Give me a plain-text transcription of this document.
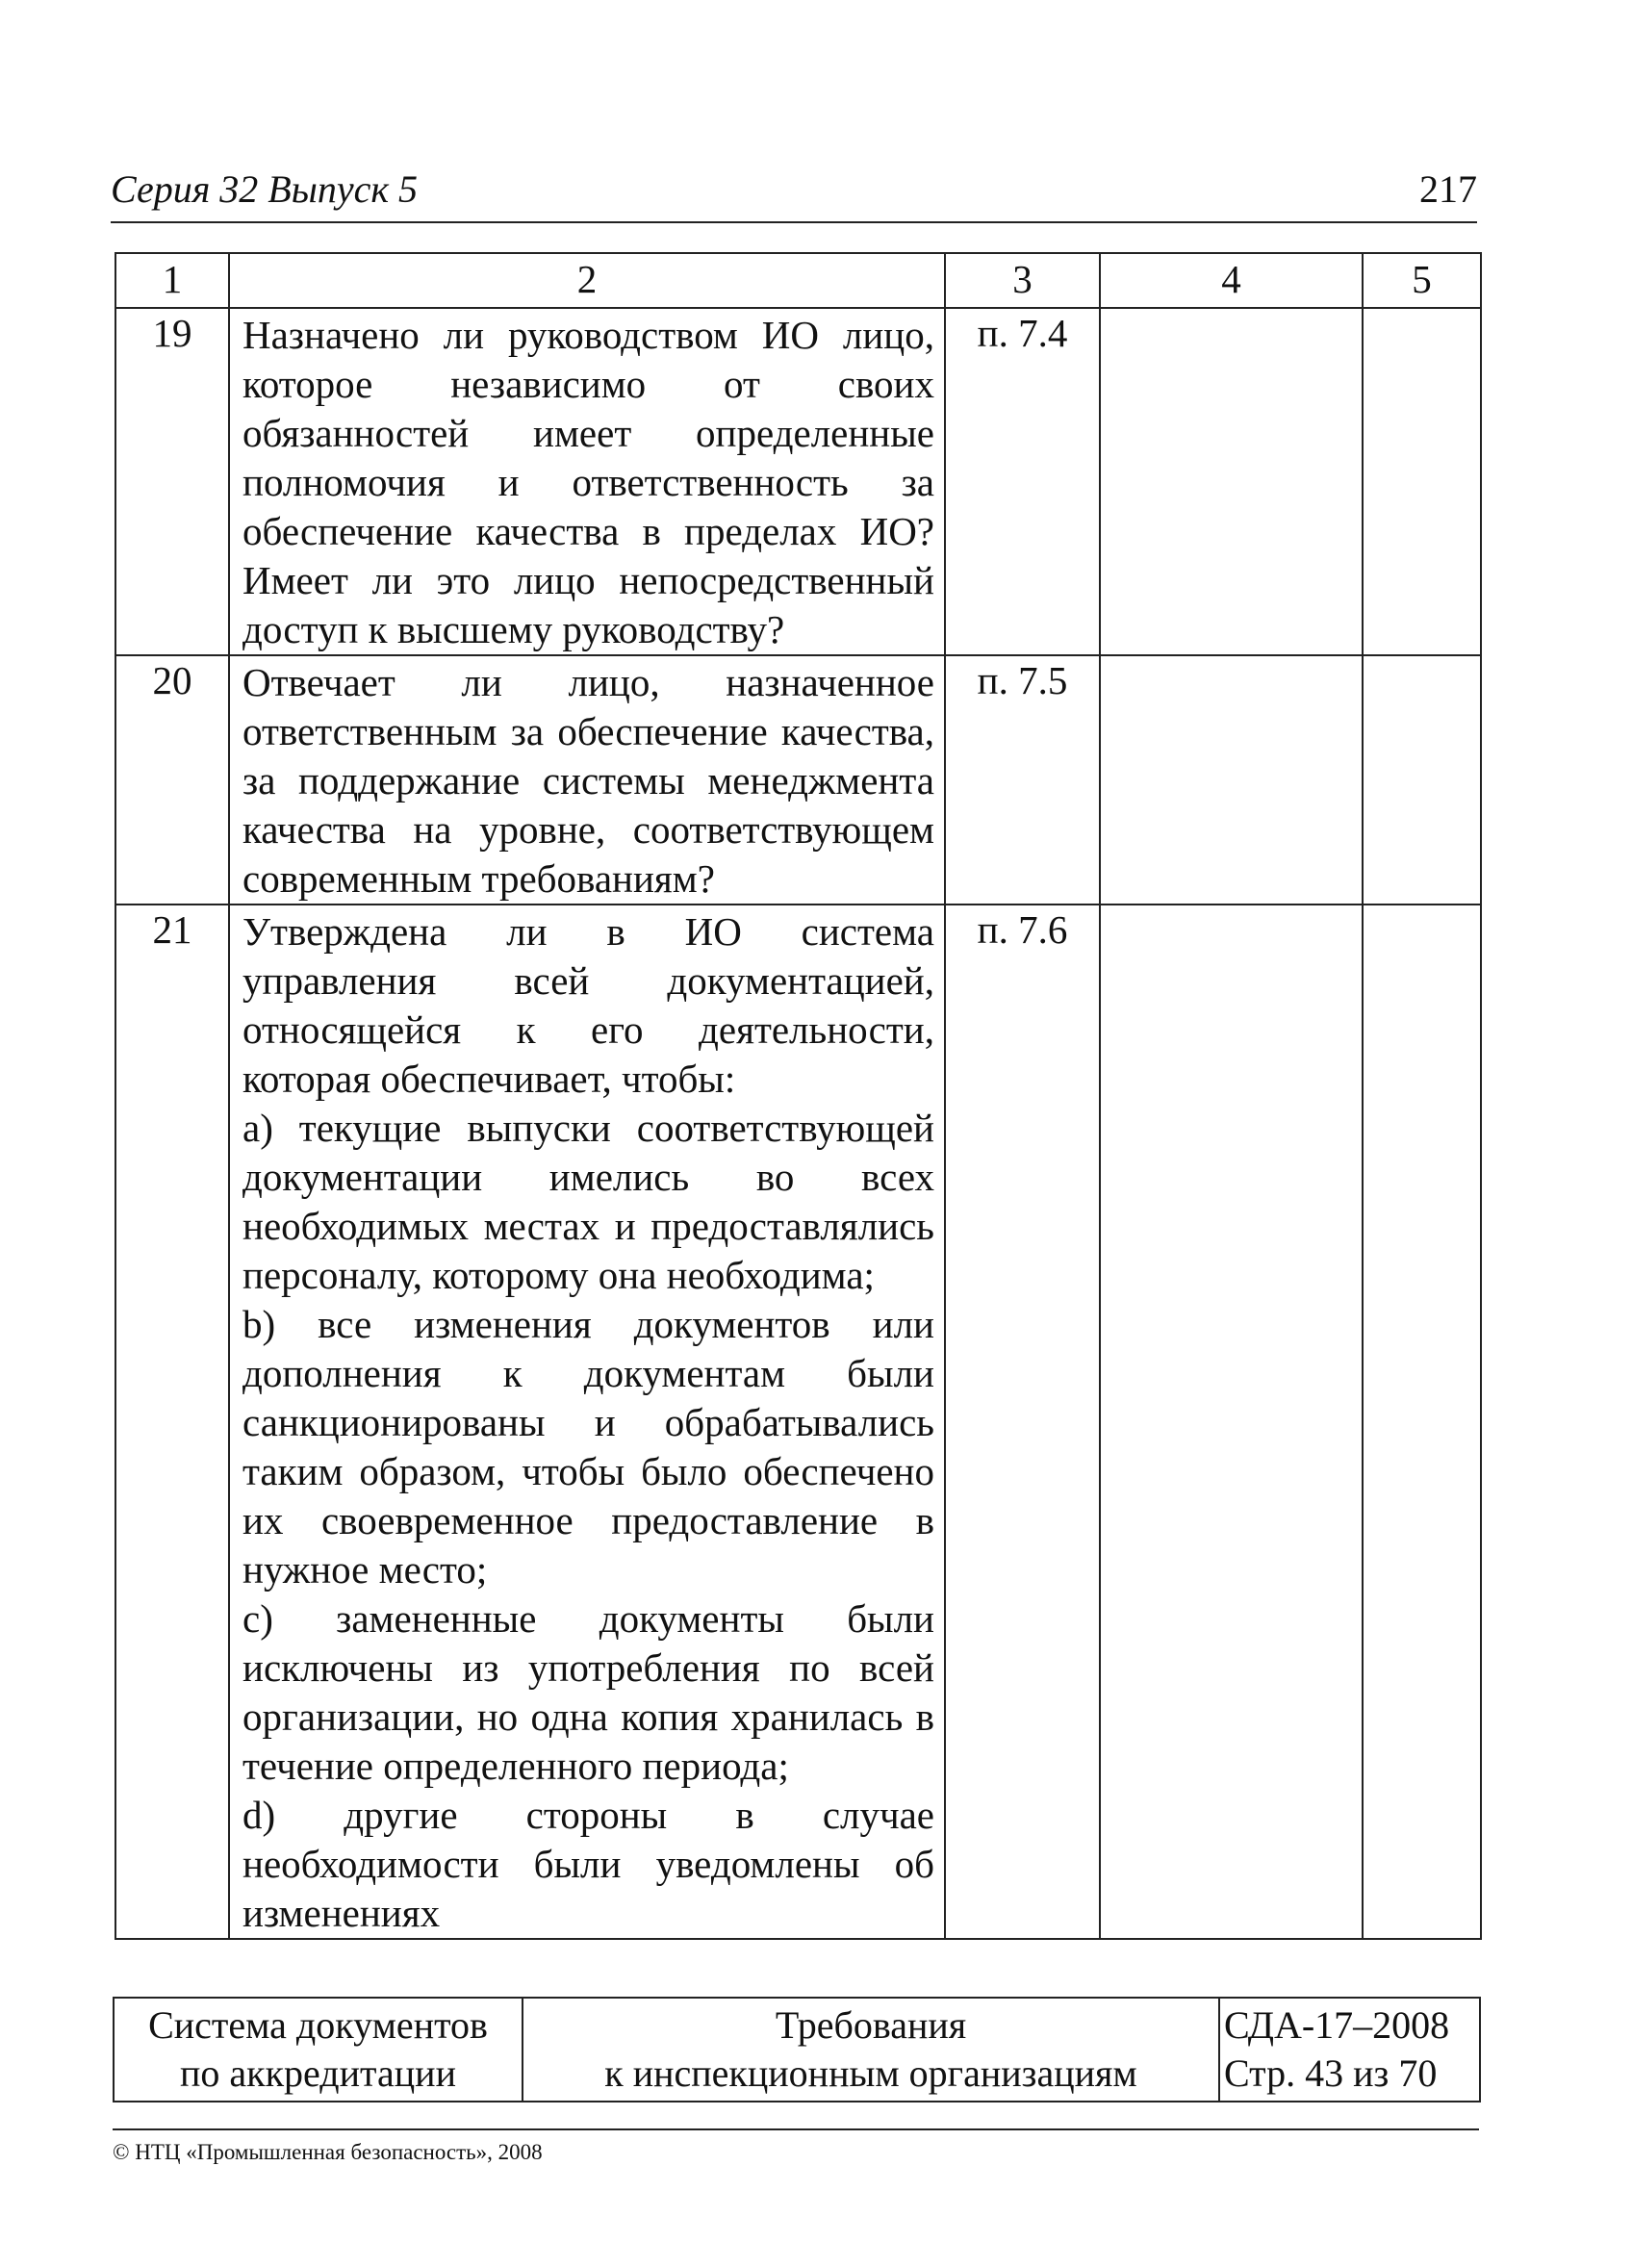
Серия 32 Выпуск 5	217
1	2	3	4	5
19	Назначено ли руководством ИО лицо, которое независимо от своих обязанностей имеет определенные полномочия и ответственность за обеспечение качества в пределах ИО? Имеет ли это лицо непосредственный доступ к высшему руководству?	п. 7.4		
20	Отвечает ли лицо, назначенное ответственным за обеспечение качества, за поддержание системы менеджмента качества на уровне, соответствующем современным требованиям?	п. 7.5		
21	Утверждена ли в ИО система управления всей документацией, относящейся к его деятельности, которая обеспечивает, чтобы:

a) текущие выпуски соответствующей документации имелись во всех необходимых местах и предоставлялись персоналу, которому она необходима;

b) все изменения документов или дополнения к документам были санкционированы и обрабатывались таким образом, чтобы было обеспечено их своевременное предоставление в нужное место;

c) замененные документы были исключены из употребления по всей организации, но одна копия хранилась в течение определенного периода;

d) другие стороны в случае необходимости были уведомлены об изменениях	п. 7.6		
Система документов
по аккредитации

Требования
к инспекционным организациям

СДА-17–2008
Стр. 43 из 70
© НТЦ «Промышленная безопасность», 2008
